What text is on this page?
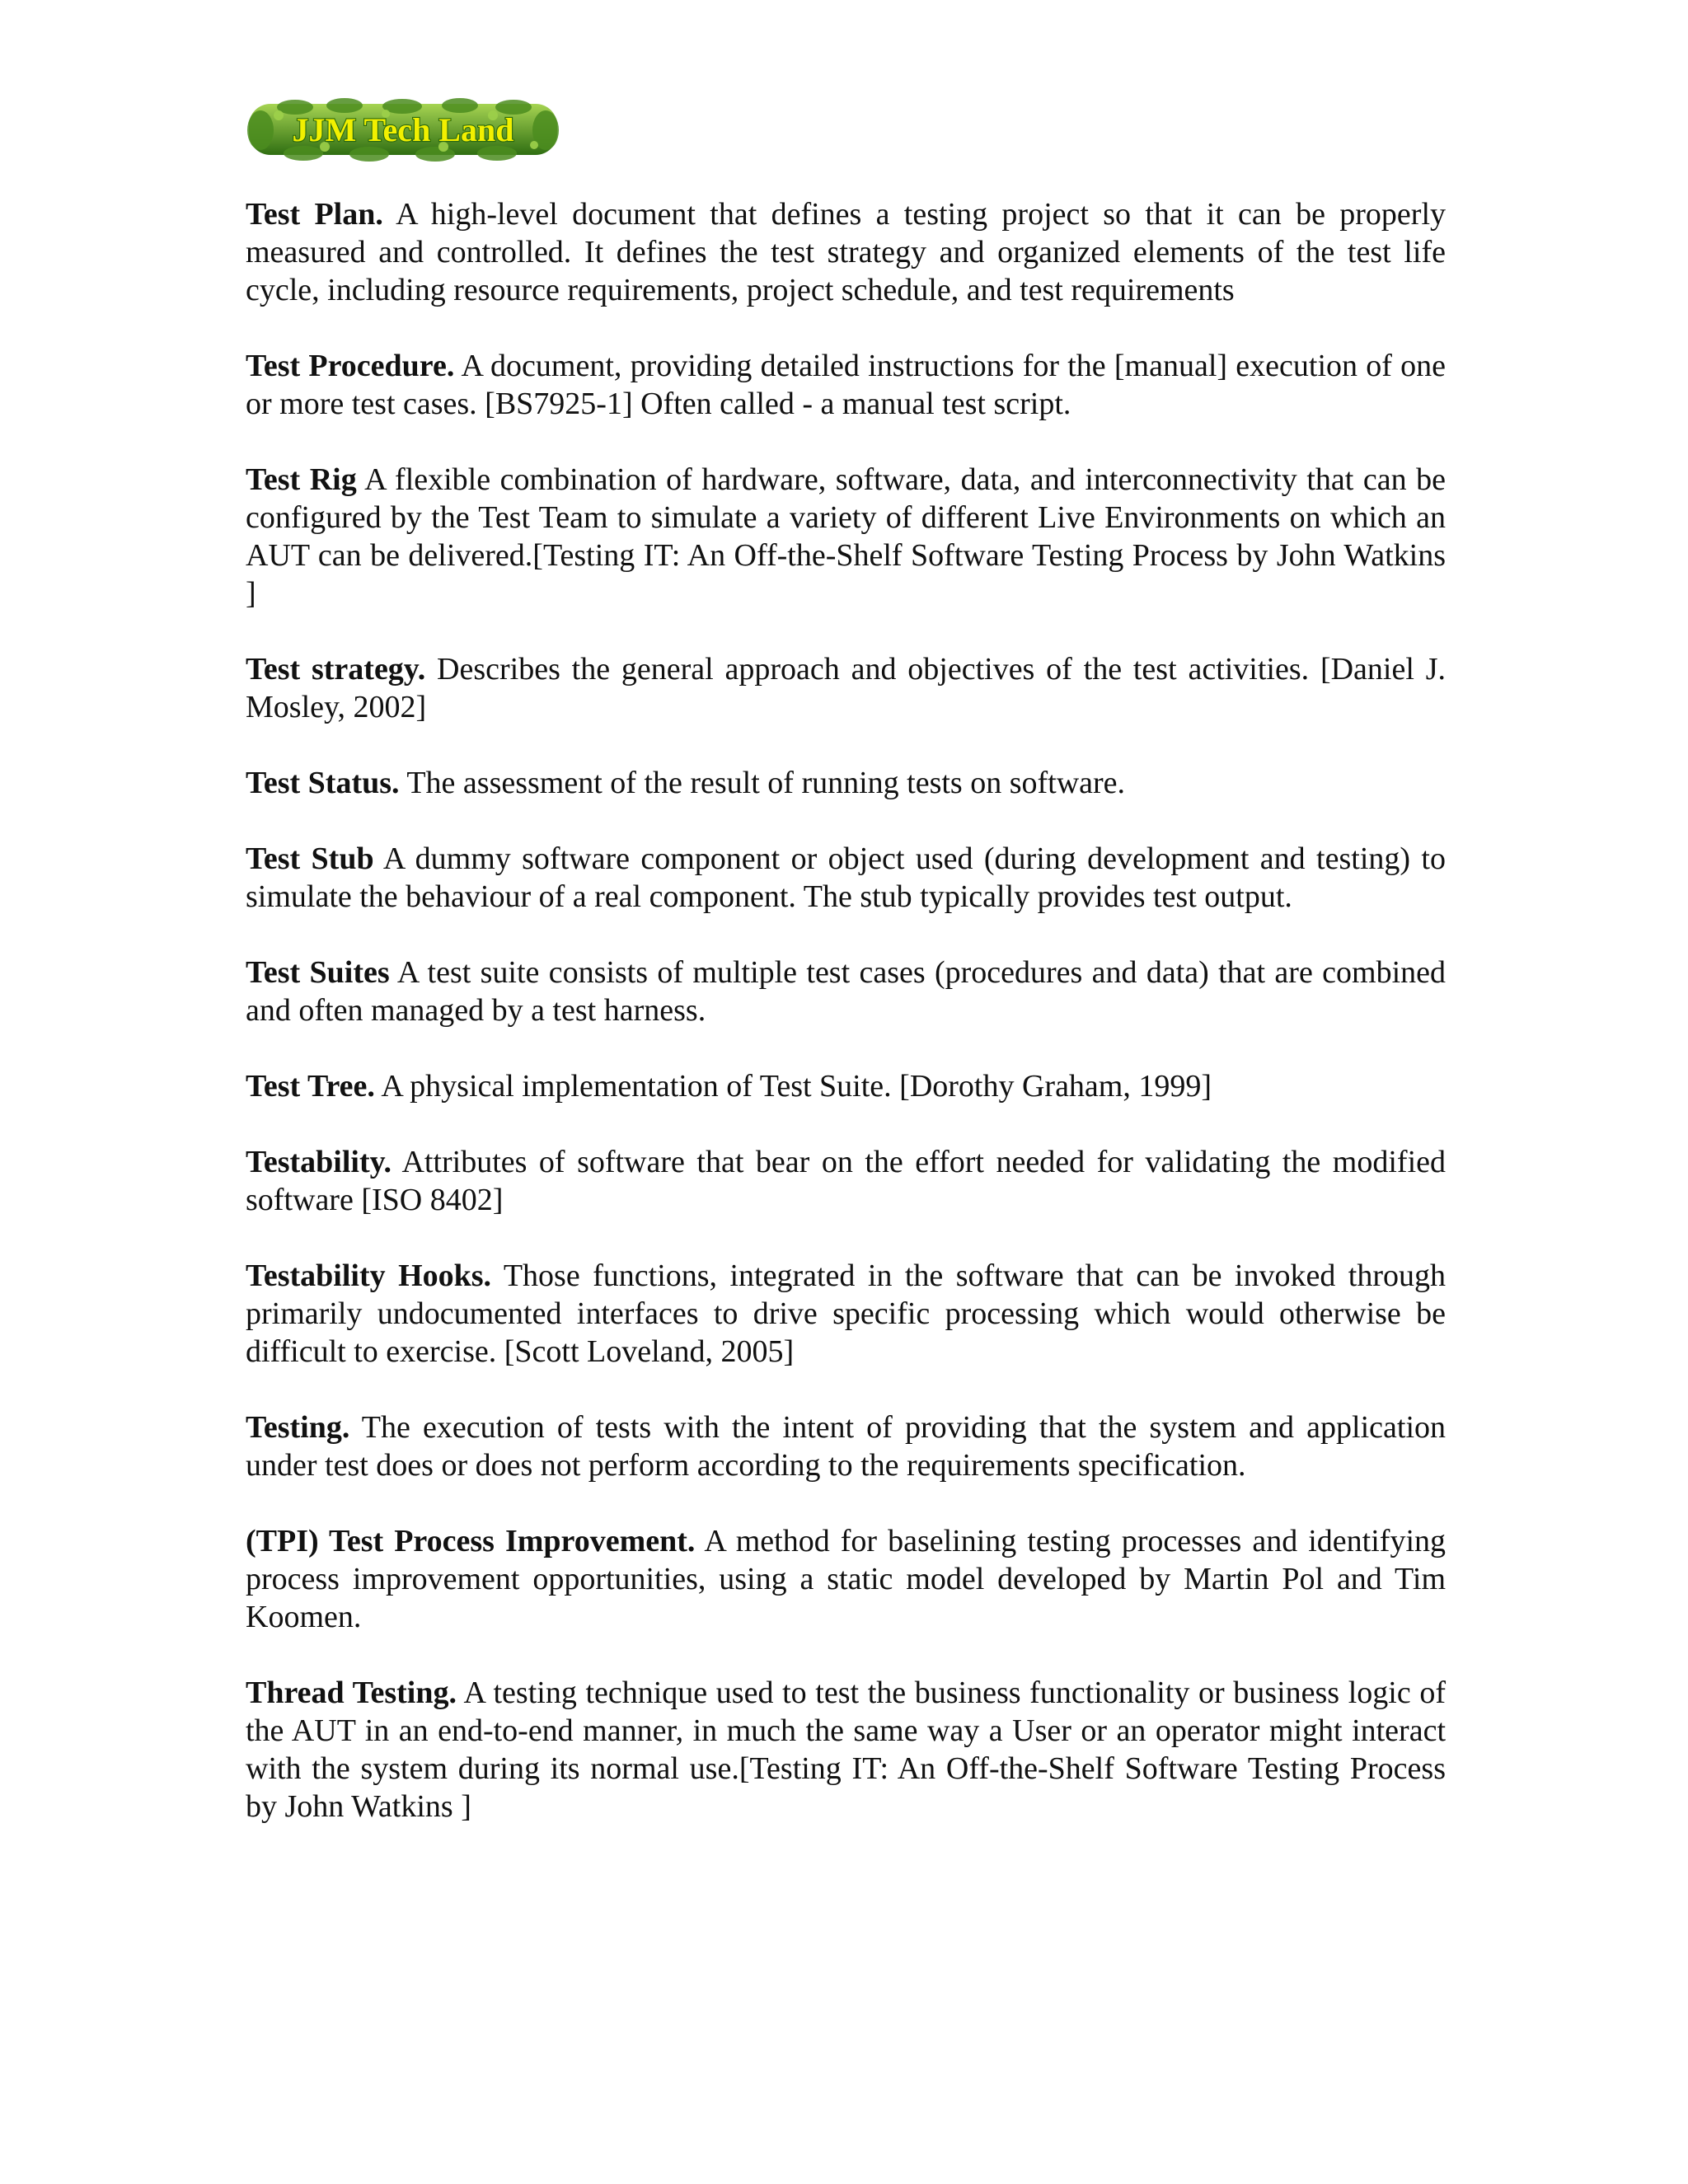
JJM Tech Land

Test Plan. A high-level document that defines a testing project so that it can be properly measured and controlled. It defines the test strategy and organized elements of the test life cycle, including resource requirements, project schedule, and test requirements

Test Procedure. A document, providing detailed instructions for the [manual] execution of one or more test cases. [BS7925-1] Often called - a manual test script.

Test Rig A flexible combination of hardware, software, data, and interconnectivity that can be configured by the Test Team to simulate a variety of different Live Environments on which an AUT can be delivered.[Testing IT: An Off-the-Shelf Software Testing Process by John Watkins ]

Test strategy. Describes the general approach and objectives of the test activities. [Daniel J. Mosley, 2002]

Test Status. The assessment of the result of running tests on software.

Test Stub A dummy software component or object used (during development and testing) to simulate the behaviour of a real component. The stub typically provides test output.

Test Suites A test suite consists of multiple test cases (procedures and data) that are combined and often managed by a test harness.

Test Tree. A physical implementation of Test Suite. [Dorothy Graham, 1999]

Testability. Attributes of software that bear on the effort needed for validating the modified software [ISO 8402]

Testability Hooks. Those functions, integrated in the software that can be invoked through primarily undocumented interfaces to drive specific processing which would otherwise be difficult to exercise. [Scott Loveland, 2005]

Testing. The execution of tests with the intent of providing that the system and application under test does or does not perform according to the requirements specification.

(TPI) Test Process Improvement. A method for baselining testing processes and identifying process improvement opportunities, using a static model developed by Martin Pol and Tim Koomen.

Thread Testing. A testing technique used to test the business functionality or business logic of the AUT in an end-to-end manner, in much the same way a User or an operator might interact with the system during its normal use.[Testing IT: An Off-the-Shelf Software Testing Process by John Watkins ]
